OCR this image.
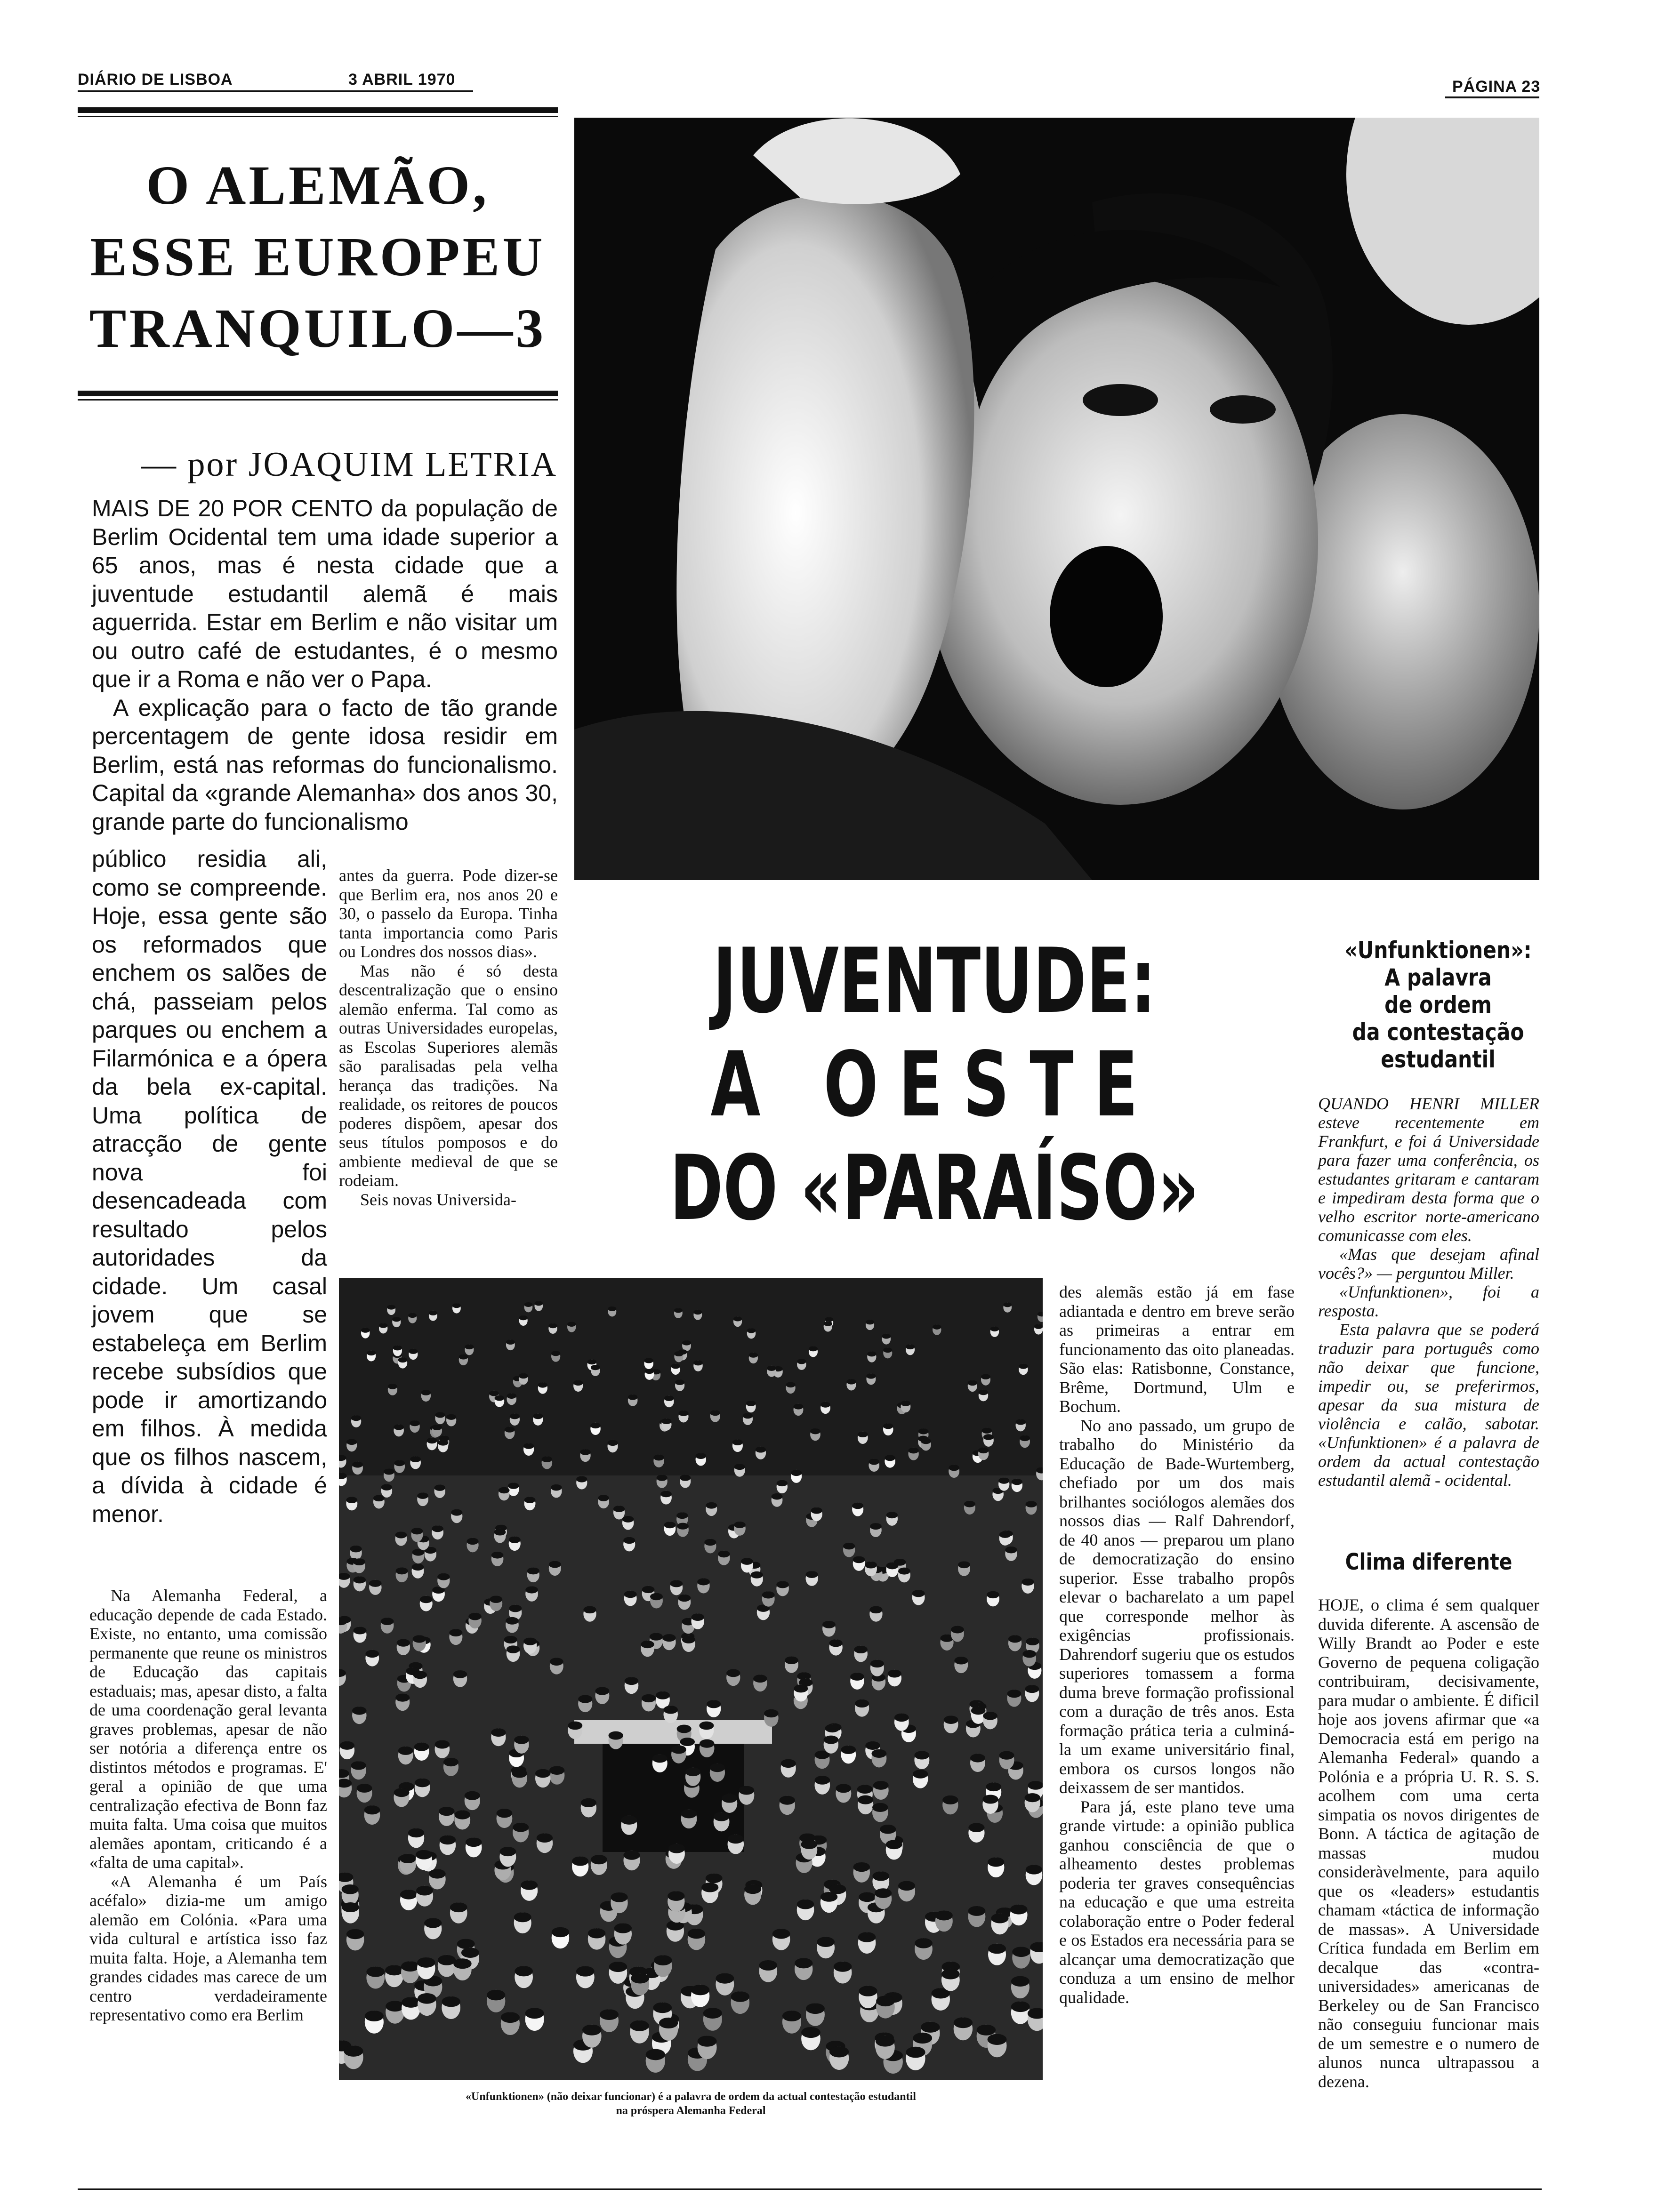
DIÁRIO DE LISBOA	3 ABRIL 1970	PÁGINA 23
O ALEMÃO,
ESSE EUROPEU
TRANQUILO—3
— por JOAQUIM LETRIA

MAIS DE 20 POR CENTO da população de Berlim Ocidental tem uma idade superior a 65 anos, mas é nesta cidade que a juventude estudantil alemã é mais aguerrida. Estar em Berlim e não visitar um ou outro café de estudantes, é o mesmo que ir a Roma e não ver o Papa.

A explicação para o facto de tão grande percentagem de gente idosa residir em Berlim, está nas reformas do funcionalismo. Capital da «grande Alemanha» dos anos 30, grande parte do funcionalismo

público residia ali, como se compreende. Hoje, essa gente são os reformados que enchem os salões de chá, passeiam pelos parques ou enchem a Filarmónica e a ópera da bela ex-capital. Uma política de atracção de gente nova foi desencadeada com resultado pelos autoridades da cidade. Um casal jovem que se estabeleça em Berlim recebe subsídios que pode ir amortizando em filhos. À medida que os filhos nascem, a dívida à cidade é menor.

antes da guerra. Pode dizer-se que Berlim era, nos anos 20 e 30, o passelo da Europa. Tinha tanta importancia como Paris ou Londres dos nossos dias».

Mas não é só desta descentralização que o ensino alemão enferma. Tal como as outras Universidades europelas, as Escolas Superiores alemãs são paralisadas pela velha herança das tradições. Na realidade, os reitores de poucos poderes dispõem, apesar dos seus títulos pomposos e do ambiente medieval de que se rodeiam.

Seis novas Universida-

Na Alemanha Federal, a educação depende de cada Estado. Existe, no entanto, uma comissão permanente que reune os ministros de Educação das capitais estaduais; mas, apesar disto, a falta de uma coordenação geral levanta graves problemas, apesar de não ser notória a diferença entre os distintos métodos e programas. E' geral a opinião de que uma centralização efectiva de Bonn faz muita falta. Uma coisa que muitos alemães apontam, criticando é a «falta de uma capital».

«A Alemanha é um País acéfalo» dizia-me um amigo alemão em Colónia. «Para uma vida cultural e artística isso faz muita falta. Hoje, a Alemanha tem grandes cidades mas carece de um centro verdadeiramente representativo como era Berlim

JUVENTUDE:
A OESTE
DO «PARAÍSO»
«Unfunktionen»:
A palavra
de ordem
da contestação
estudantil

QUANDO HENRI MILLER esteve recentemente em Frankfurt, e foi á Universidade para fazer uma conferência, os estudantes gritaram e cantaram e impediram desta forma que o velho escritor norte-americano comunicasse com eles.

«Mas que desejam afinal vocês?» — perguntou Miller.

«Unfunktionen», foi a resposta.

Esta palavra que se poderá traduzir para português como não deixar que funcione, impedir ou, se preferirmos, apesar da sua mistura de violência e calão, sabotar. «Unfunktionen» é a palavra de ordem da actual contestação estudantil alemã - ocidental.

Clima diferente

HOJE, o clima é sem qualquer duvida diferente. A ascensão de Willy Brandt ao Poder e este Governo de pequena coligação contribuiram, decisivamente, para mudar o ambiente. É dificil hoje aos jovens afirmar que «a Democracia está em perigo na Alemanha Federal» quando a Polónia e a própria U. R. S. S. acolhem com uma certa simpatia os novos dirigentes de Bonn. A táctica de agitação de massas mudou consideràvelmente, para aquilo que os «leaders» estudantis chamam «táctica de informação de massas». A Universidade Crítica fundada em Berlim em decalque das «contra-universidades» americanas de Berkeley ou de San Francisco não conseguiu funcionar mais de um semestre e o numero de alunos nunca ultrapassou a dezena.

«Unfunktionen» (não deixar funcionar) é a palavra de ordem da actual contestação estudantil
na próspera Alemanha Federal

des alemãs estão já em fase adiantada e dentro em breve serão as primeiras a entrar em funcionamento das oito planeadas. São elas: Ratisbonne, Constance, Brême, Dortmund, Ulm e Bochum.

No ano passado, um grupo de trabalho do Ministério da Educação de Bade-Wurtemberg, chefiado por um dos mais brilhantes sociólogos alemães dos nossos dias — Ralf Dahrendorf, de 40 anos — preparou um plano de democratização do ensino superior. Esse trabalho propôs elevar o bacharelato a um papel que corresponde melhor às exigências profissionais. Dahrendorf sugeriu que os estudos superiores tomassem a forma duma breve formação profissional com a duração de três anos. Esta formação prática teria a culminá-la um exame universitário final, embora os cursos longos não deixassem de ser mantidos.

Para já, este plano teve uma grande virtude: a opinião publica ganhou consciência de que o alheamento destes problemas poderia ter graves consequências na educação e que uma estreita colaboração entre o Poder federal e os Estados era necessária para se alcançar uma democratização que conduza a um ensino de melhor qualidade.
